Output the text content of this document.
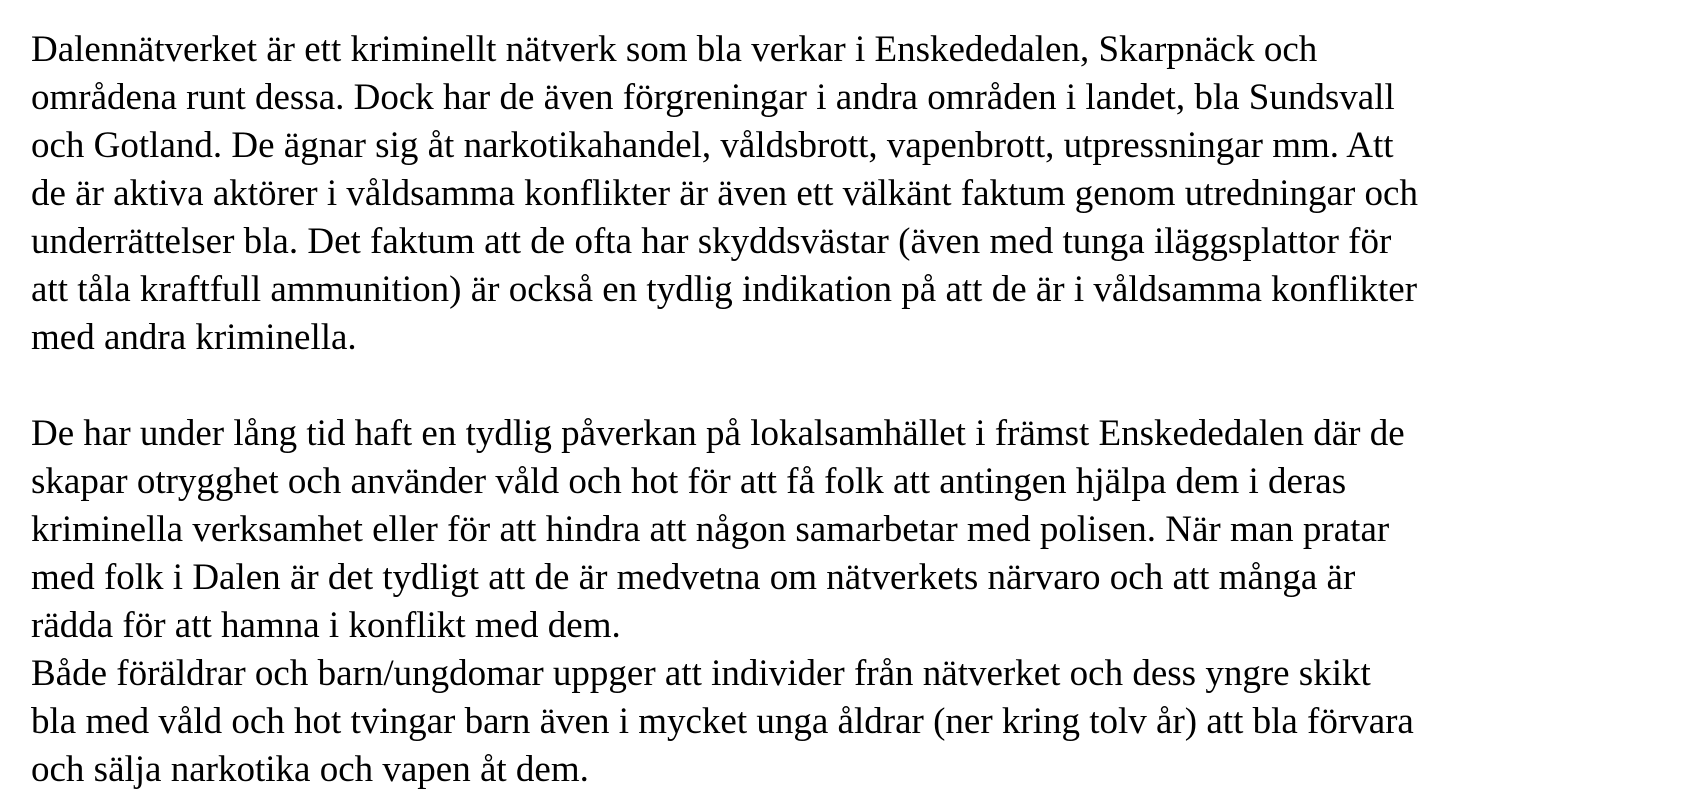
Dalennätverket är ett kriminellt nätverk som bla verkar i Enskededalen, Skarpnäck och
områdena runt dessa. Dock har de även förgreningar i andra områden i landet, bla Sundsvall
och Gotland. De ägnar sig åt narkotikahandel, våldsbrott, vapenbrott, utpressningar mm. Att
de är aktiva aktörer i våldsamma konflikter är även ett välkänt faktum genom utredningar och
underrättelser bla. Det faktum att de ofta har skyddsvästar (även med tunga iläggsplattor för
att tåla kraftfull ammunition) är också en tydlig indikation på att de är i våldsamma konflikter
med andra kriminella.
De har under lång tid haft en tydlig påverkan på lokalsamhället i främst Enskededalen där de
skapar otrygghet och använder våld och hot för att få folk att antingen hjälpa dem i deras
kriminella verksamhet eller för att hindra att någon samarbetar med polisen. När man pratar
med folk i Dalen är det tydligt att de är medvetna om nätverkets närvaro och att många är
rädda för att hamna i konflikt med dem.
Både föräldrar och barn/ungdomar uppger att individer från nätverket och dess yngre skikt
bla med våld och hot tvingar barn även i mycket unga åldrar (ner kring tolv år) att bla förvara
och sälja narkotika och vapen åt dem.
